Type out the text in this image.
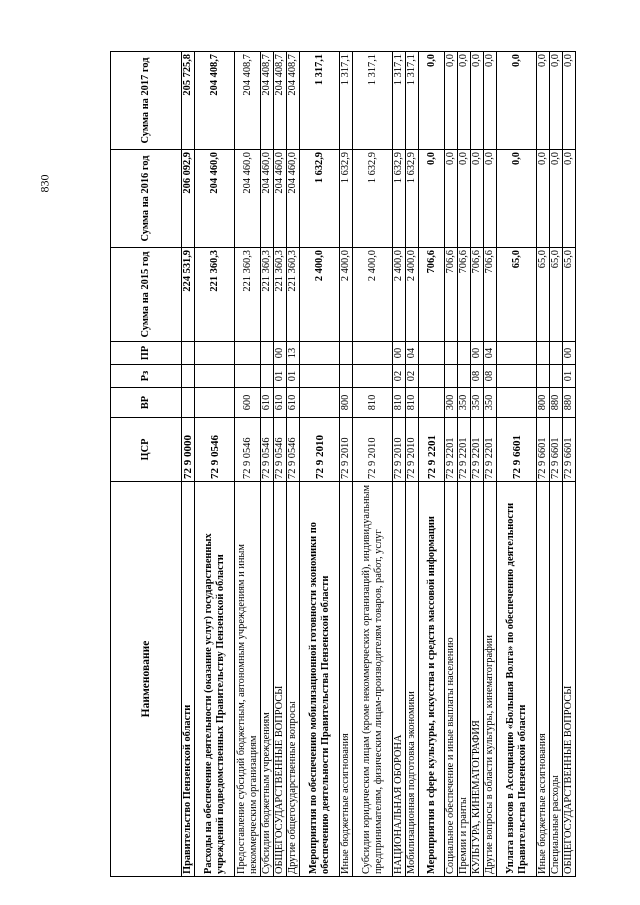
830
Наименование	ЦСР	ВР	Рз	ПР	Сумма на 2015 год	Сумма на 2016 год	Сумма на 2017 год
Правительство Пензенской области	72 9 0000				224 531,9	206 092,9	205 725,8
Расходы на обеспечение деятельности (оказание услуг) государственных учреждений подведомственных Правительству Пензенской области	72 9 0546				221 360,3	204 460,0	204 408,7
Предоставление субсидий бюджетным, автономным учреждениям и иным некоммерческим организациям	72 9 0546	600			221 360,3	204 460,0	204 408,7
Субсидии бюджетным учреждениям	72 9 0546	610			221 360,3	204 460,0	204 408,7
ОБЩЕГОСУДАРСТВЕННЫЕ ВОПРОСЫ	72 9 0546	610	01	00	221 360,3	204 460,0	204 408,7
Другие общегосударственные вопросы	72 9 0546	610	01	13	221 360,3	204 460,0	204 408,7
Мероприятия по обеспечению мобилизационной готовности экономики по обеспечению деятельности Правительства Пензенской области	72 9 2010				2 400,0	1 632,9	1 317,1
Иные бюджетные ассигнования	72 9 2010	800			2 400,0	1 632,9	1 317,1
Субсидии юридическим лицам (кроме некоммерческих организаций), индивидуальным предпринимателям, физическим лицам-производителям товаров, работ, услуг	72 9 2010	810			2 400,0	1 632,9	1 317,1
НАЦИОНАЛЬНАЯ ОБОРОНА	72 9 2010	810	02	00	2 400,0	1 632,9	1 317,1
Мобилизационная подготовка экономики	72 9 2010	810	02	04	2 400,0	1 632,9	1 317,1
Мероприятия в сфере культуры, искусства и средств массовой информации	72 9 2201				706,6	0,0	0,0
Социальное обеспечение и иные выплаты населению	72 9 2201	300			706,6	0,0	0,0
Премии и гранты	72 9 2201	350			706,6	0,0	0,0
КУЛЬТУРА, КИНЕМАТОГРАФИЯ	72 9 2201	350	08	00	706,6	0,0	0,0
Другие вопросы в области культуры, кинематографии	72 9 2201	350	08	04	706,6	0,0	0,0
Уплата взносов в Ассоциацию «Большая Волга» по обеспечению деятельности Правительства Пензенской области	72 9 6601				65,0	0,0	0,0
Иные бюджетные ассигнования	72 9 6601	800			65,0	0,0	0,0
Специальные расходы	72 9 6601	880			65,0	0,0	0,0
ОБЩЕГОСУДАРСТВЕННЫЕ ВОПРОСЫ	72 9 6601	880	01	00	65,0	0,0	0,0
